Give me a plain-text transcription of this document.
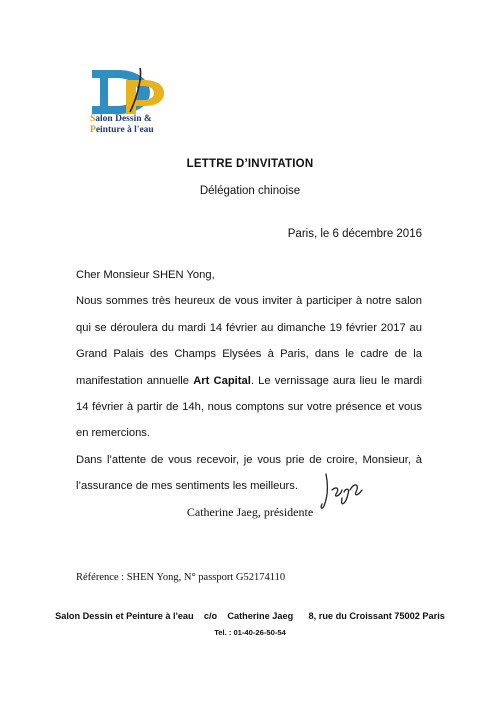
Salon Dessin &
Peinture à l'eau
LETTRE D’INVITATION
Délégation chinoise
Paris, le 6 décembre 2016

Cher Monsieur SHEN Yong,

Nous sommes très heureux de vous inviter à participer à notre salon qui se déroulera du mardi 14 février au dimanche 19 février 2017 au Grand Palais des Champs Elysées à Paris, dans le cadre de la manifestation annuelle Art Capital. Le vernissage aura lieu le mardi 14 février à partir de 14h, nous comptons sur votre présence et vous en remercions.

Dans l’attente de vous recevoir, je vous prie de croire, Monsieur, à l’assurance de mes sentiments les meilleurs.

Catherine Jaeg, présidente
Référence : SHEN Yong, N° passport G52174110
Salon Dessin et Peinture à l'eau c/o Catherine Jaeg 8, rue du Croissant 75002 Paris
Tel. : 01-40-26-50-54
